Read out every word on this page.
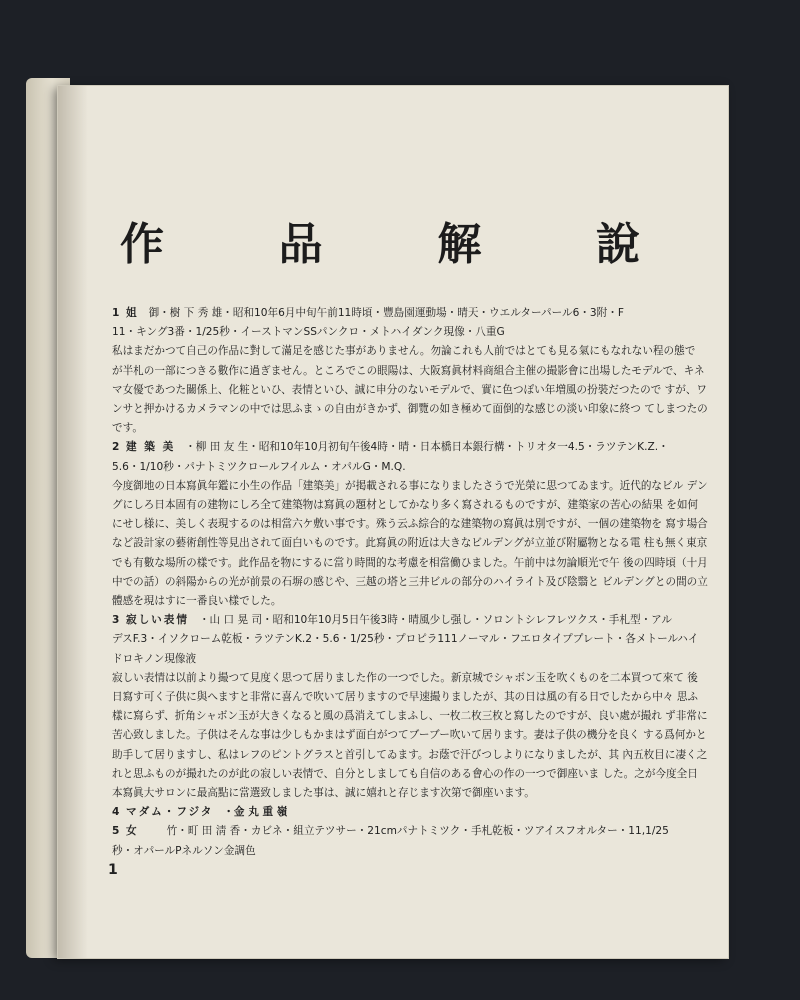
作	品	解	說
1 姐 御・樹 下 秀 雄・昭和10年6月中旬午前11時頃・豐島園運動場・晴天・ウエルターパール6・3附・F
11・キング3番・1/25秒・イーストマンSSパンクロ・メトハイダンク現像・八重G

私はまだかつて自己の作品に對して滿足を感じた事がありません。勿論これも人前ではとても見る氣にもなれない程の態で が半札の一部につきる數作に過ぎません。ところでこの眼陽は、大阪寫眞材料商組合主催の撮影會に出場したモデルで、キネマ女優であつた關係上、化粧といひ、表情といひ、誠に申分のないモデルで、實に色つぽい年増風の扮裝だつたので すが、ワンサと押かけるカメラマンの中では思ふまゝの自由がきかず、御覽の如き極めて面倒的な感じの淡い印象に終つ てしまつたのです。

2 建 築 美 ・柳 田 友 生・昭和10年10月初旬午後4時・晴・日本橋日本銀行構・トリオタ一4.5・ラツテンK.Z.・
5.6・1/10秒・パナトミツクロールフイルム・オパルG・M.Q.

今度御地の日本寫眞年鑑に小生の作品「建築美」が掲載される事になりましたさうで光榮に思つてゐます。近代的なビル デングにしろ日本固有の建物にしろ全て建築物は寫眞の題材としてかなり多く寫されるものですが、建築家の苦心の結果 を如何にせし様に、美しく表現するのは相當六ケ敷い事です。殊う云ふ綜合的な建築物の寫眞は別ですが、一個の建築物を 寫す場合など設計家の藝術創性等見出されて面白いものです。此寫眞の附近は大きなビルデングが立並び附屬物となる電 柱も無く東京でも有數な場所の樣です。此作品を物にするに當り時間的な考慮を相當働ひました。午前中は勿論順光で午 後の四時頃（十月中での話）の斜陽からの光が前景の石塀の感じや、三越の塔と三井ビルの部分のハイライト及び陰翳と ビルデングとの間の立體感を現はすに一番良い樣でした。

3 寂しい表情 ・山 口 晃 司・昭和10年10月5日午後3時・晴風少し强し・ソロントシレフレツクス・手札型・アル
デスF.3・イソクローム乾板・ラツテンK.2・5.6・1/25秒・プロピラ111ノーマル・フエロタイププレート・各メトールハイドロキノン現像液

寂しい表情は以前より撮つて見度く思つて居りました作の一つでした。新京城でシャボン玉を吹くものを二本買つて來て 後日寫す可く子供に與へますと非常に喜んで吹いて居りますので早速撮りましたが、其の日は風の有る日でしたから中々 思ふ樣に寫らず、折角シャボン玉が大きくなると風の爲消えてしまふし、一枚二枚三枚と寫したのですが、良い處が撮れ ず非常に苦心致しました。子供はそんな事は少しもかまはず面白がつてブーブー吹いて居ります。妻は子供の機分を良く する爲何かと助手して居りますし、私はレフのピントグラスと首引してゐます。お蔭で汗びつしよりになりましたが、其 內五枚目に凄く之れと思ふものが撮れたのが此の寂しい表情で、自分としましても自信のある會心の作の一つで御座いま した。之が今度全日本寫眞大サロンに最高點に當選致しました事は、誠に嬉れと存じます次第で御座います。

4 マダム・フジタ ・金 丸 重 嶺
5 女	竹・町 田 淸 香・カビネ・組立テツサー・21cmパナトミツク・手札乾板・ツアイスフオルター・11,1/25
秒・オパールPネルソン金調色
1
